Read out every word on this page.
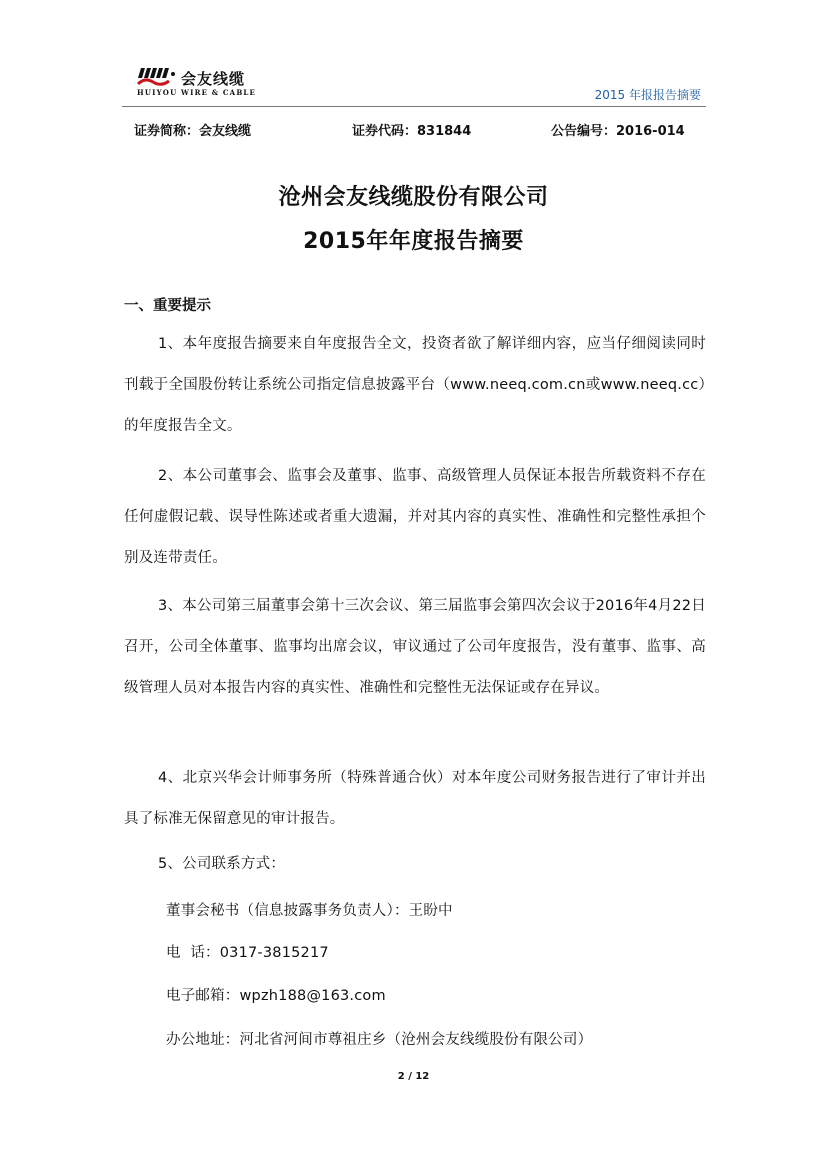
会友线缆
HUIYOU WIRE & CABLE	2015 年报报告摘要
证券简称：会友线缆	证券代码：831844	公告编号：2016-014
沧州会友线缆股份有限公司
2015年年度报告摘要
一、重要提示

1、本年度报告摘要来自年度报告全文，投资者欲了解详细内容，应当仔细阅读同时刊载于全国股份转让系统公司指定信息披露平台（www.neeq.com.cn或www.neeq.cc）的年度报告全文。

2、本公司董事会、监事会及董事、监事、高级管理人员保证本报告所载资料不存在任何虚假记载、误导性陈述或者重大遗漏，并对其内容的真实性、准确性和完整性承担个别及连带责任。

3、本公司第三届董事会第十三次会议、第三届监事会第四次会议于2016年4月22日召开，公司全体董事、监事均出席会议，审议通过了公司年度报告，没有董事、监事、高级管理人员对本报告内容的真实性、准确性和完整性无法保证或存在异议。

4、北京兴华会计师事务所（特殊普通合伙）对本年度公司财务报告进行了审计并出具了标准无保留意见的审计报告。

5、公司联系方式：

董事会秘书（信息披露事务负责人）：王盼中
电  话：0317-3815217
电子邮箱：wpzh188@163.com
办公地址：河北省河间市尊祖庄乡（沧州会友线缆股份有限公司）
2 / 12
